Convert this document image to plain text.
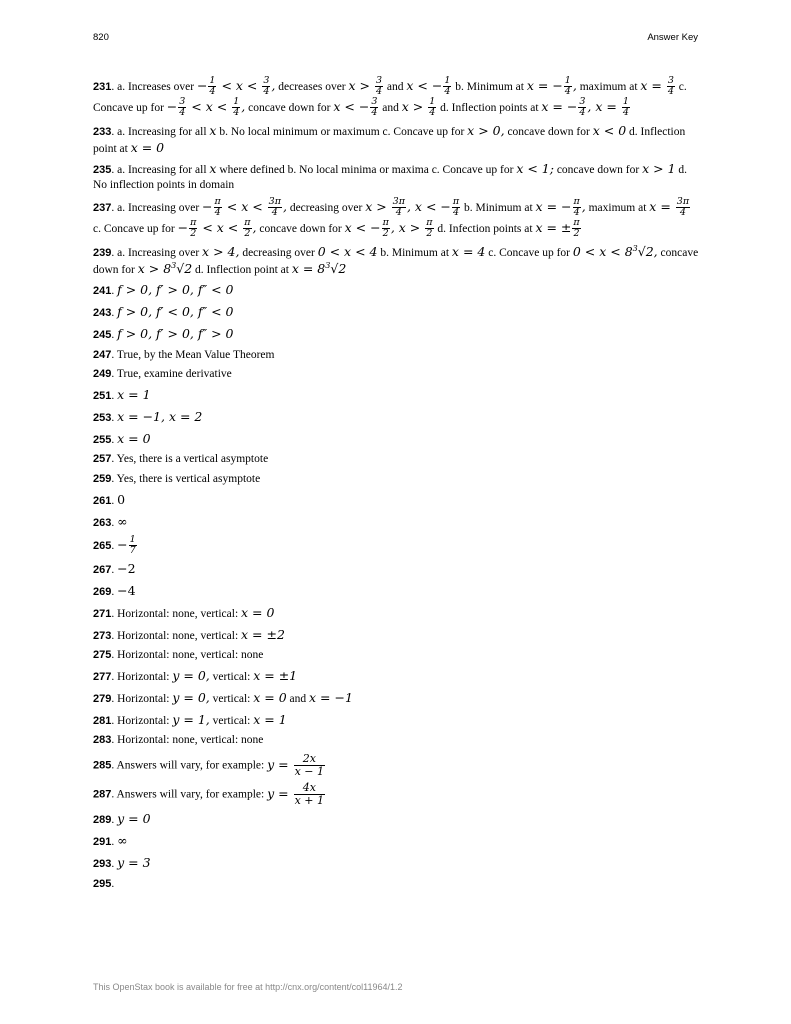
820	Answer Key
231. a. Increases over − $\frac{1}{4} < x < \frac{3}{4}$ , decreases over $x > \frac{3}{4}$ and x < − $\frac{1}{4} b$. Minimum at x = − $\frac{1}{4}$ , maximum at $x = \frac{3}{4} c$. Concave up for − $\frac{3}{4} < x < \frac{1}{4}$ , concave down for x < − $\frac{3}{4}$ and $x > \frac{1}{4} d$. Inflection points at x = − $\frac{3}{4}$ , $x = \frac{1}{4}$
233. a. Increasing for all x b. No local minimum or maximum c. Concave up for x > 0, concave down for x < 0 d. Inflection point at x = 0
235. a. Increasing for all x where defined b. No local minima or maxima c. Concave up for x < 1; concave down for x > 1 d. No inflection points in domain
237. a. Increasing over − $\frac{\pi}{4} < x < \frac{3\pi}{4}$ , decreasing over $x > \frac{3\pi}{4}$ , x < − $\frac{\pi}{4} b$. Minimum at x = − $\frac{\pi}{4}$ , maximum at $x = \frac{3\pi}{4}$
c. Concave up for − $\frac{\pi}{2} < x < \frac{\pi}{2}$ , concave down for x < − $\frac{\pi}{2}$ , $x > \frac{\pi}{2} d$. Infection points at x = ± $\frac{\pi}{2}$
239. a. Increasing over x > 4, decreasing over 0 < x < 4 b. Minimum at x = 4 c. Concave up for $0 < x < 8^3√2$, concave down for $x > 8^3√2$ d. Inflection point at $x = 8^3√2$
241. f > 0, f′ > 0, f″ < 0
243. f > 0, f′ < 0, f″ < 0
245. f > 0, f′ > 0, f″ > 0
247. True, by the Mean Value Theorem
249. True, examine derivative
251. x = 1
253. x = −1, x = 2
255. x = 0
257. Yes, there is a vertical asymptote
259. Yes, there is vertical asymptote
261. 0
263. ∞
265. − $\frac{1}{7}$
267. −2
269. −4
271. Horizontal: none, vertical: x = 0
273. Horizontal: none, vertical: x = ±2
275. Horizontal: none, vertical: none
277. Horizontal: y = 0, vertical: x = ±1
279. Horizontal: y = 0, vertical: x = 0 and x = −1
281. Horizontal: y = 1, vertical: x = 1
283. Horizontal: none, vertical: none
285. Answers will vary, for example: $y = \frac{2x}{x - 1}$
287. Answers will vary, for example: $y = \frac{4x}{x + 1}$
289. y = 0
291. ∞
293. y = 3
295.
This OpenStax book is available for free at http://cnx.org/content/col11964/1.2
